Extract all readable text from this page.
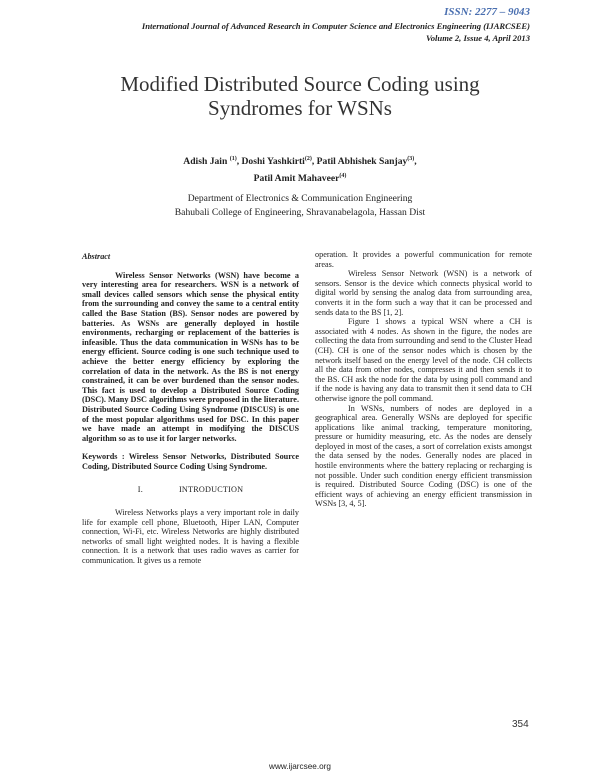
ISSN: 2277 – 9043
International Journal of Advanced Research in Computer Science and Electronics Engineering (IJARCSEE)
Volume 2, Issue 4, April 2013
Modified Distributed Source Coding using
Syndromes for WSNs
Adish Jain $^{(1)}$, Doshi Yashkirti$^{(2)}$, Patil Abhishek Sanjay$^{(3)}$,
Patil Amit Mahaveer$^{(4)}$
Department of Electronics & Communication Engineering
Bahubali College of Engineering, Shravanabelagola, Hassan Dist
Abstract

Wireless Sensor Networks (WSN) have become a very interesting area for researchers. WSN is a network of small devices called sensors which sense the physical entity from the surrounding and convey the same to a central entity called the Base Station (BS). Sensor nodes are powered by batteries. As WSNs are generally deployed in hostile environments, recharging or replacement of the batteries is infeasible. Thus the data communication in WSNs has to be energy efficient. Source coding is one such technique used to achieve the better energy efficiency by exploring the correlation of data in the network. As the BS is not energy constrained, it can be over burdened than the sensor nodes. This fact is used to develop a Distributed Source Coding (DSC). Many DSC algorithms were proposed in the literature. Distributed Source Coding Using Syndrome (DISCUS) is one of the most popular algorithms used for DSC. In this paper we have made an attempt in modifying the DISCUS algorithm so as to use it for larger networks.

Keywords : Wireless Sensor Networks, Distributed Source Coding, Distributed Source Coding Using Syndrome.

I.	INTRODUCTION

Wireless Networks plays a very important role in daily life for example cell phone, Bluetooth, Hiper LAN, Computer connection, Wi-Fi, etc. Wireless Networks are highly distributed networks of small light weighted nodes. It is having a flexible connection. It is a network that uses radio waves as carrier for communication. It gives us a remote

operation. It provides a powerful communication for remote areas.

Wireless Sensor Network (WSN) is a network of sensors. Sensor is the device which connects physical world to digital world by sensing the analog data from surrounding area, converts it in the form such a way that it can be processed and sends data to the BS [1, 2].

Figure 1 shows a typical WSN where a CH is associated with 4 nodes. As shown in the figure, the nodes are collecting the data from surrounding and send to the Cluster Head (CH). CH is one of the sensor nodes which is chosen by the network itself based on the energy level of the node. CH collects all the data from other nodes, compresses it and then sends it to the BS. CH ask the node for the data by using poll command and if the node is having any data to transmit then it send data to CH otherwise ignore the poll command.

In WSNs, numbers of nodes are deployed in a geographical area. Generally WSNs are deployed for specific applications like animal tracking, temperature monitoring, pressure or humidity measuring, etc. As the nodes are densely deployed in most of the cases, a sort of correlation exists amongst the data sensed by the nodes. Generally nodes are placed in hostile environments where the battery replacing or recharging is not possible. Under such condition energy efficient transmission is required. Distributed Source Coding (DSC) is one of the efficient ways of achieving an energy efficient transmission in WSNs [3, 4, 5].

354
www.ijarcsee.org
